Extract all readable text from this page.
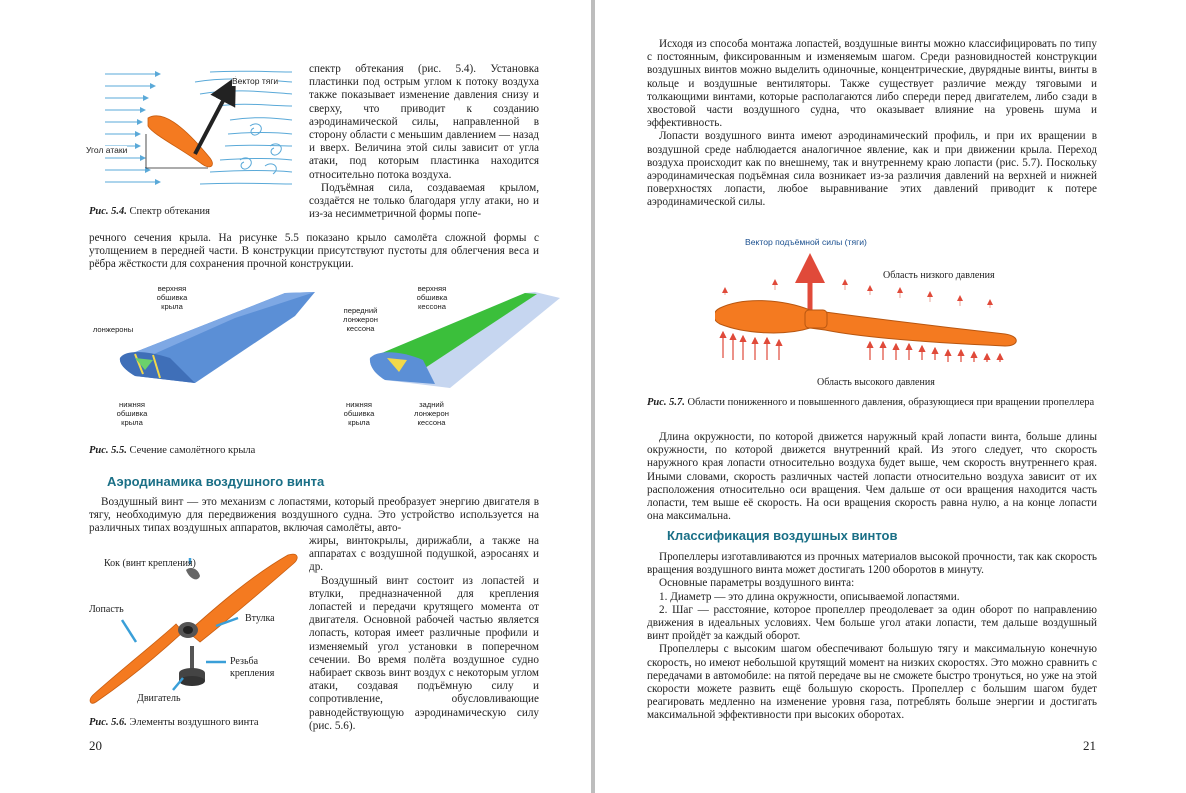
Вектор тяги
Угол атаки
Рис. 5.4. Спектр обтекания

спектр обтекания (рис. 5.4). Установка пластинки под острым углом к потоку воздуха также показывает изменение давления снизу и сверху, что приводит к созданию аэродинамической силы, направленной в сторону области с меньшим давлением — назад и вверх. Величина этой силы зависит от угла атаки, под которым пластинка находится относительно потока воздуха.

Подъёмная сила, создаваемая крылом, создаётся не только благодаря углу атаки, но и из-за несимметричной формы попе-

речного сечения крыла. На рисунке 5.5 показано крыло самолёта сложной формы с утолщением в передней части. В конструкции присутствуют пустоты для облегчения веса и рёбра жёсткости для сохранения прочной конструкции.

верхняя обшивка крыла
лонжероны
нижняя обшивка крыла
передний лонжерон кессона
верхняя обшивка кессона
нижняя обшивка крыла
задний лонжерон кессона
Рис. 5.5. Сечение самолётного крыла
Аэродинамика воздушного винта

Воздушный винт — это механизм с лопастями, который преобразует энергию двигателя в тягу, необходимую для передвижения воздушного судна. Это устройство используется на различных типах воздушных аппаратов, включая самолёты, авто-

жиры, винтокрылы, дирижабли, а также на аппаратах с воздушной подушкой, аэросанях и др.

Воздушный винт состоит из лопастей и втулки, предназначенной для крепления лопастей и передачи крутящего момента от двигателя. Основной рабочей частью является лопасть, которая имеет различные профили и изменяемый угол установки в поперечном сечении. Во время полёта воздушное судно набирает сквозь винт воздух с некоторым углом атаки, создавая подъёмную силу и сопротивление, обусловливающие равнодействующую аэродинамическую силу (рис. 5.6).

Кок (винт крепления)
Лопасть
Втулка
Резьба крепления
Двигатель
Рис. 5.6. Элементы воздушного винта
20

Исходя из способа монтажа лопастей, воздушные винты можно классифицировать по типу с постоянным, фиксированным и изменяемым шагом. Среди разновидностей конструкции воздушных винтов можно выделить одиночные, концентрические, двурядные винты, винты в кольце и воздушные вентиляторы. Также существует различие между тяговыми и толкающими винтами, которые располагаются либо спереди перед двигателем, либо сзади в хвостовой части воздушного судна, что оказывает влияние на уровень шума и эффективность.

Лопасти воздушного винта имеют аэродинамический профиль, и при их вращении в воздушной среде наблюдается аналогичное явление, как и при движении крыла. Переход воздуха происходит как по внешнему, так и внутреннему краю лопасти (рис. 5.7). Поскольку аэродинамическая подъёмная сила возникает из-за различия давлений на верхней и нижней поверхностях лопасти, любое выравнивание этих давлений приводит к потере аэродинамической силы.

Вектор подъёмной силы (тяги)
Область низкого давления
Область высокого давления
Рис. 5.7. Области пониженного и повышенного давления, образующиеся при вращении пропеллера

Длина окружности, по которой движется наружный край лопасти винта, больше длины окружности, по которой движется внутренний край. Из этого следует, что скорость наружного края лопасти относительно воздуха будет выше, чем скорость внутреннего края. Иными словами, скорость различных частей лопасти относительно воздуха зависит от их расположения относительно оси вращения. Чем дальше от оси вращения находится часть лопасти, тем выше её скорость. На оси вращения скорость равна нулю, а на конце лопасти она максимальна.

Классификация воздушных винтов

Пропеллеры изготавливаются из прочных материалов высокой прочности, так как скорость вращения воздушного винта может достигать 1200 оборотов в минуту.

Основные параметры воздушного винта:

1. Диаметр — это длина окружности, описываемой лопастями.

2. Шаг — расстояние, которое пропеллер преодолевает за один оборот по направлению движения в идеальных условиях. Чем больше угол атаки лопасти, тем дальше воздушный винт пройдёт за каждый оборот.

Пропеллеры с высоким шагом обеспечивают большую тягу и максимальную конечную скорость, но имеют небольшой крутящий момент на низких скоростях. Это можно сравнить с передачами в автомобиле: на пятой передаче вы не сможете быстро тронуться, но уже на этой скорости можете развить ещё большую скорость. Пропеллер с большим шагом будет реагировать медленно на изменение уровня газа, потреблять больше энергии и достигать максимальной эффективности при высоких оборотах.

21
